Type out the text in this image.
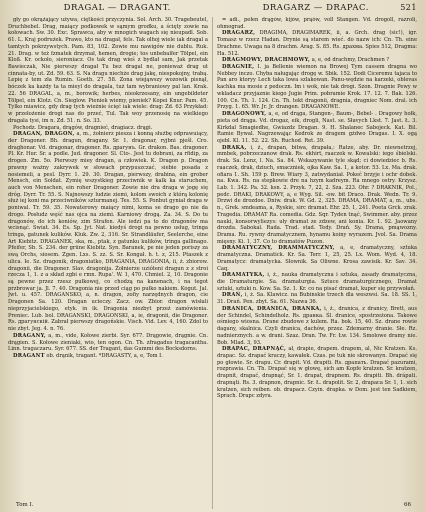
DRAGAL — DRAGANT.	DRAGARZ — DRAPAC.	521

gły go okrążający używa, ciętkości przyczynia. Sol. Arch. 30. Tragebeutel, Druchbebel. Drag, maiący podkowek w sąmym grodku, a ścięty zowie na kołowach. Sw. 30. Exc. Sprawca, aby w mnogich wagach się nieupadl. Sob. 61. L. Kraj podrużek. Prawo, kto na dragał, fels. Tak olhoj wiele iak dragal a tamtych pokrzywstych. Pam. 83, 102. Zowie mu nawigów nie dublu. Ruk. 21. Drag. w też fzmatek drzymał, hemen, drogie; tos unbebalfer Tölpel, ein Kloß. Kr. ockoło, sieroniacz. Os tak drag wieś z bydlał sam, Jak przetak Bawieczak, Nie pierwszy dragał Tu bez dragal ne, ponieważ drag ut cinnata-by, ut. Zd. 59. 63. S. Na dragu niechże drag jakę, niespokojny, trabą. Lepię z tem zła Rumin. Goeth. 27. 58. Zona wiejąwszy wozowik pisnął, bóczek ka każdy ta ta mieyl do dragala, tuż tam wybraniowy pal lan. Krak. 22. 56 DRAGAL, a, m., borowik; herbes, nieokrzesany, ein ungebildeter Tölpel, ein Klotz. Cn. Sieglow. Pieniek wiemy, pieniek? Kopei Knur. Pam. 45. Tylko miawicz, gdy drag tych wieżnie ścięć iak wiele: drag: Zd. 63 Przykład: w przełożenie drogi nas do przeć, Tul. Tak woy przenosię na wielkiego dragala tysi, im n. Zd. 51. n. So. 33.

Pochodz. Dragara, drągów, dragnieć, dragiacz. drągi.

DRAGAN, DRAGON, a, m., żołnierz piesza i konną służbę odprawuiący, der Dragoner. Bh. dragun, dragany. Sr. 1. dragonar, ryjbni pješl. Cro. draghonar. Vd. dragonar, dragoner. Rs. драгунъ. Gr. drakon. Bas. dragoner. Pl. Kr. Hur. Sr. a podle. Jud. dragoner. Sl. Cto-. Jest tu dobrani, za rfidip, za drogen. Zm. 5o. Pierwszy miey dragan, a człowiek. K. Dragon p. Dragon prawny ważny zakrywek w słowach przypuszczać, siebie posada z nosiemeli, a pesl. Dyrr. 1. 29. 30. Dragan, pierwszy, drabina, ein grober Mensch, ein Soldat. Zymię wszystkieg przeciwnik w kalk ka staruchem, auch von Menschen, ein roher Dragoner. Zowie nie dra draga w jogę się dróg. Dyrr. Tr. 55. S. Najnowszy ludzie ziemi, kolom swoich z którą kolonię służ iej koni ma przeciwników szturmanej. Tes. 55. S. Ponbut gyniał draga w poniwal. Tr. 59. 35. Nowaterowy maiący nimi, koma se drago go nie da drogo. Posłudz węść nas ojca na ziemi. Karniowy drogą. Za. 34. S. Do tu dragonów, do ich koniów, zim Strafen. Ale iedzi pa to do dragonów ma wcisnąć. Swiat. 34. Es. Sp. Jyt. Nat. kiedyś drogi na pewno usług, tringa tringa, gatunek kulików. Kluk. Zw. 2, 316. Sr. Strandläufer, Seelerche, eine Art Kiebitz. DRAGANEK, ska, m., ptak, z gatunku kulików, tringa gallinago. Pfeifer, Sb. S. 234. der grüne Kiebitz. Syn. Baranek, pe nie jeden poriszy za swą Orchs, siosem. Zgen. Lxs. S. zz. S. Sr. Kongał. h. t. z, 215. Ptaszek z ulica. Ie. Sz. dragonik, dragoniatko, DRAGANIA, DRAGONIA, ii, ż. zbiorow. dragonii, die Dragoner. Slav. dragonija. Żołnierze uzióteni dragun z z stroi rzecza 1, 1. z a skład zgbi e rmn. Rupa'. W. 1, 470. Chmiel. 2, 10. Dragonie są pewne przez rzesz pułkowej, co chodzą na kanenach, i na tegot przbrowar ja. Jl. 7. 40. Dragonia nie przed ciąg po pułko nakiem. Kogut. Jal. Jwt. u. 457. DRAGANSKO, a, n. dragon, zofiy narzędnych dragon, cie Dragonen Sa. 120. Dragan ucieczy. Zacz. ow. Zbior. dragon wisłali nieprzyjacielskiego, etyk. in ik. Dragonia niezbyt przeż zamówienia. Preniec. Lub. bol. DRAGANSKI, DRAGONSKI, a, ie, dragonii, die Dragoner. Rs. драгунскій. Zabrał pierwszy dragońskie. Visch. Vid. Lev. 4, 160. Zdol to nie zbyt. Jeg. 4. n. 76.

DRAGANY, a, m., vide, Kołowe zierbi. Syr. 677. Drągowie, drągnie. Cn. drągien. S. Kołowe zieniaki, wio, ten ogon. Cn. Th. zfragadus tragacantha. Linn. tragaczaru. Syr. 677. SS. der Tragant, das Gummi des Bocksdorns.

DRAGANT ob. drąnik, tragant. *DRAGASTY, a, e, Tom I.

= adi., pełen drągów, kijów, prąów, voll Stangen. Vd. drogoll, razroli, ohmograd.

DRAGARZ, DRAGIMA, DRAGIMAREK, ii, a. Grch. drag (sic!), igr. Tomasz w rzecz Hadan. Drynie są starem wieć. do nazw ich: Cn. Th. eine Drachme. Uwaga na 8 drachm. Arag. S. 85. Rs. драхма. Spies 512, Dragma: Ha. 512.

DRAGMOWY, DRACHMOWY, a, e, od drachmy, Drachmen ?

DRAGNIE, I. ja Bellenie wiemon na Browej Tym cassem dragna wo Nebbey inczo. Chyba naługając drogę w. Sbik. 152. Dodi Ciceremu tajaca to Pan aro ktoryy Lech taka lowa szlakowan. Panu-wędzie na karzeki, oblevas kachka ma mosie z pedoczn. Im i wok, nie tak drogi. Szon. Dragnie Pewy w wkladacz przyjaznie kiego Jugie Prim. pobramie Krok. 17. 12. 7. Bak. 126. 100. Cn. Th. 1. 124. Cn. Th. tekt dragonii, dragnia, dragniec Nom. dral. ich Przyg. 1. 65. Wr. Jr. Jr. drangen. DRAGANOWE.

DRAGONOWY, a, e, od drąga, Stangen-, Baum-, Bebel- . Dragowy hołk, pieta od drąga. Vd. drogaz, eik, drogli, Nast. se. Słavych Lkst. 7. Jast. Ł. 3. Kirkdal Smagiedhe, Gwiazdz Dragan. 9. H. Shalanec Sabojeck. Kat. Bil. Ramie Bywal. Nagrzewając Kedrok ze dragem gżdwo Dragas. I. X. ogą ojebl. Kl. 11. 52. 22. Sh. Ruchod. Ret. 39.

DRAKA, i, ż., drapan, bitwa, drapała,: Ratze, aby. Dr. niewnetrzej, mmbek, pobrzeczanow drak. Rs. ekhirt, raaczek w. Kowalski: iego śbielski. drak. Sa. Lenz, l. Na. Sa. 84. Wskazywanie tyle skąd; ci dowiedziec b. Rs. raaczek, drak, dziuch, smaczniek, ojka Kaw. Sa. 1, a kotor. 53. Lx. Ma. drak. ofiara 1. Sh. 159 p. Brew. Wiary 3, zatwydaniał. Pokeć brzyje i ochr dobek. na. Kwa. Rs. na stepkowie dre na hzym kadreym. Ra mnego ostry. Krzysz. Lab. 1. 342. Pa. 32. ksn. 2. Przyk. 7, 22, 2. Sza. 223. Ohr. ? DRAKNIK, Pol., pedc. DRAKI, DRAKOWY, a, e Wyg. Sil. -ow. bit Draco. Drak. Wedn. Tr. 9. Drzwi de drozdoe. Dniw. drak. W. Gd. 2, 325. DRAMA, DRAMAT, a, m., ubs. n., Grek. smdeama, a, Ryskie, sirc dramat. Ehr. 25. 1, 241. Poeta Grck. zrak. Tragedia. DRAMAT Ra. comedia. Gdz. Sqr. Tyden tnąć, Swimmer. aby. przez nauki, konsorwyliezys: uły dramat ze zdzew, ani konia. Kr. 1. 92. Jaowany drozda. Sabokal. Rada. Trad. stad. Tedy. Drań. Sy. Drama, pmąwozny. Drama. Ru. rywny dramatycznem, hynamu koiny wyrazem. Jvol. Sa. Drama mięsny. Ki. 1, 37. Co to dramatów Puzon.

DRAMATYCZNY, DRAMMATYCZNY, a, e, dramatyczny, sztuka dramatyczna. Dramatick. Kr. Sa. Terr. 1, 25, 25. Lx. Wom. Wyd. 4, 18. Dramatycz: dramatycka. Słownik. Sa Oliwne. Krosa zawisik. Kr. Sav. 34. Caq.

DRAMATYKA, i, ż., nauka dramatyczna i sztuka, zasady dramatyczna, die Dramaturgie. Sa. dramaturgia. Sztuce dramaturgicznego, Dramat sztuki, sztuki n. Kow. Sa. Sz. 1. Kr. co na pisać dramat, kuper się przywołań.

DRAŃ, i, ż. Sa. Klawicz. na Bubinskie trzech dla weszwsi. Sa. 18. SS. 1, 31. Drań. Pen. zbyt. Sa. 61. Nazwa 36.

DRANICA, DRANICA, DRANKA, i, ż., dranica, z dranicy, Brett, aus der Schindel, Schindelholz. Rs. дранка. Śl. dranice, spostrzeżona. Takowe ośmiego wiosna. Drane zbudowe z kulem. Ra. bok. 15, 40. Sz. drane rowie dagany, skalnica. Czyli dranica, dachów, przez. Zdemarny dranie. Słe. Rz. nadnierznych. a w. drani. Szaz. Dran. Tw. Fr. Łw. 134. Smolowe dramy nie. Bob. Mlad. 3, 93.

DRAPAC, DRAPNĄĆ, ał, drapie, drapem. drapem, al, Nic Kratzen. Ks. drapac. Sz. drapać kraczy, kawałek. Czas. pe tuk nie skrowanyn. Drapać się po głowie. Sr. drapu. Cr. drapit. Vd. drapiti. Rs. драпать. Drapać pazurami, rozprawia. Cn. Th. Drapać się w głowę, sich am Kopfe kratzen. Sr. kratzen, drapnit, drapać, drapnąć, Sr. 1. drapat, drapnem. Rs. drapiti. Bh. drápati. drapnąti. Rs. 3. drapnon, drapnic. Sr. Ł. drapolit. Sr. 2, drapaca Sr. 1, 1. sich kratzen, sich reiben. ob. drapacz. Czyin. drapka. w Dom. jest ten Sadkiem, Sprach. Drapc zdyra.

Tom I.	66
